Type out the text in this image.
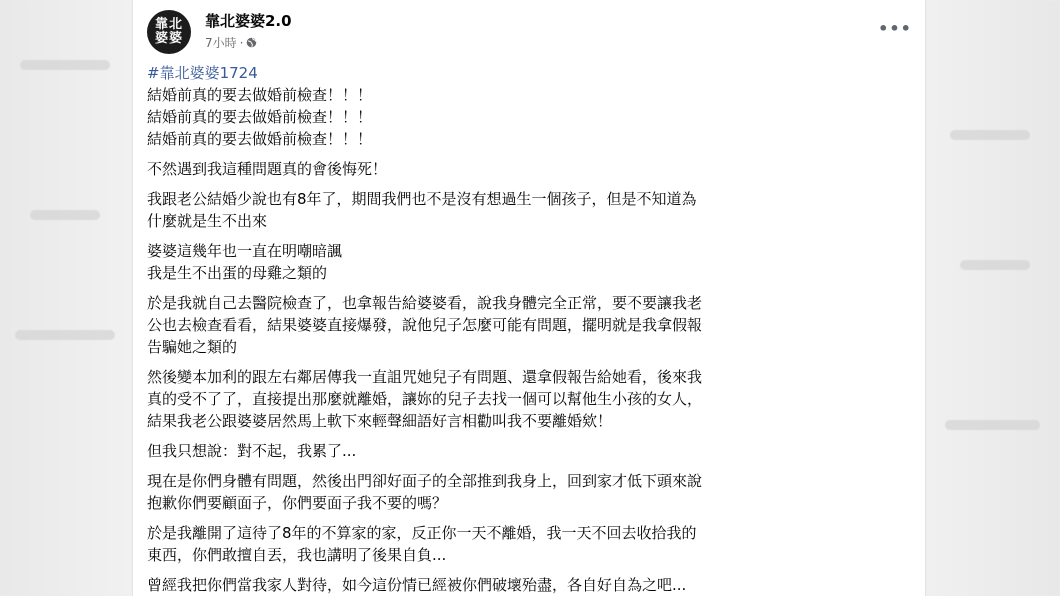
靠北
婆婆
靠北婆婆2.0
7小時 ·
•••
#靠北婆婆1724
結婚前真的要去做婚前檢查！！！
結婚前真的要去做婚前檢查！！！
結婚前真的要去做婚前檢查！！！
不然遇到我這種問題真的會後悔死！
我跟老公結婚少說也有8年了，期間我們也不是沒有想過生一個孩子，但是不知道為
什麼就是生不出來
婆婆這幾年也一直在明嘲暗諷
我是生不出蛋的母雞之類的
於是我就自己去醫院檢查了，也拿報告給婆婆看，說我身體完全正常，要不要讓我老
公也去檢查看看，結果婆婆直接爆發，說他兒子怎麼可能有問題，擺明就是我拿假報
告騙她之類的
然後變本加利的跟左右鄰居傳我一直詛咒她兒子有問題、還拿假報告給她看，後來我
真的受不了了，直接提出那麼就離婚，讓妳的兒子去找一個可以幫他生小孩的女人，
結果我老公跟婆婆居然馬上軟下來輕聲細語好言相勸叫我不要離婚欸！
但我只想說：對不起，我累了...
現在是你們身體有問題，然後出門卻好面子的全部推到我身上，回到家才低下頭來說
抱歉你們要顧面子，你們要面子我不要的嗎？
於是我離開了這待了8年的不算家的家，反正你一天不離婚，我一天不回去收拾我的
東西，你們敢擅自丟，我也講明了後果自負...
曾經我把你們當我家人對待，如今這份情已經被你們破壞殆盡，各自好自為之吧...
